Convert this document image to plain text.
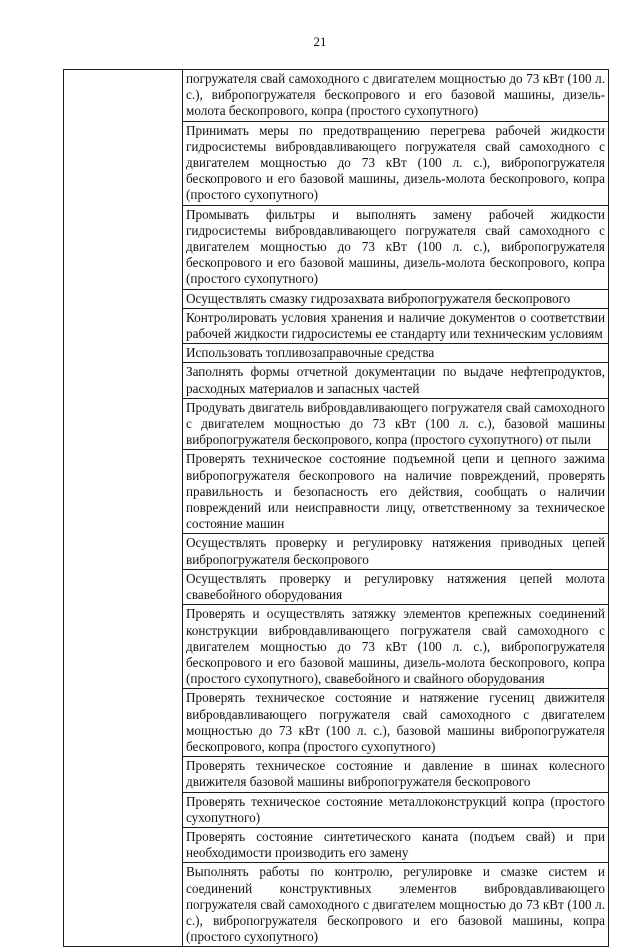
21

погружателя свай самоходного с двигателем мощностью до 73 кВт (100 л. с.), вибропогружателя бескопрового и его базовой машины, дизель-молота бескопрового, копра (простого сухопутного)

Принимать меры по предотвращению перегрева рабочей жидкости гидросистемы вибровдавливающего погружателя свай самоходного с двигателем мощностью до 73 кВт (100 л. с.), вибропогружателя бескопрового и его базовой машины, дизель-молота бескопрового, копра (простого сухопутного)

Промывать фильтры и выполнять замену рабочей жидкости гидросистемы вибровдавливающего погружателя свай самоходного с двигателем мощностью до 73 кВт (100 л. с.), вибропогружателя бескопрового и его базовой машины, дизель-молота бескопрового, копра (простого сухопутного)

Осуществлять смазку гидрозахвата вибропогружателя бескопрового

Контролировать условия хранения и наличие документов о соответствии рабочей жидкости гидросистемы ее стандарту или техническим условиям

Использовать топливозаправочные средства

Заполнять формы отчетной документации по выдаче нефтепродуктов, расходных материалов и запасных частей

Продувать двигатель вибровдавливающего погружателя свай самоходного с двигателем мощностью до 73 кВт (100 л. с.), базовой машины вибропогружателя бескопрового, копра (простого сухопутного) от пыли

Проверять техническое состояние подъемной цепи и цепного зажима вибропогружателя бескопрового на наличие повреждений, проверять правильность и безопасность его действия, сообщать о наличии повреждений или неисправности лицу, ответственному за техническое состояние машин

Осуществлять проверку и регулировку натяжения приводных цепей вибропогружателя бескопрового

Осуществлять проверку и регулировку натяжения цепей молота свавебойного оборудования

Проверять и осуществлять затяжку элементов крепежных соединений конструкции вибровдавливающего погружателя свай самоходного с двигателем мощностью до 73 кВт (100 л. с.), вибропогружателя бескопрового и его базовой машины, дизель-молота бескопрового, копра (простого сухопутного), свавебойного и свайного оборудования

Проверять техническое состояние и натяжение гусениц движителя вибровдавливающего погружателя свай самоходного с двигателем мощностью до 73 кВт (100 л. с.), базовой машины вибропогружателя бескопрового, копра (простого сухопутного)

Проверять техническое состояние и давление в шинах колесного движителя базовой машины вибропогружателя бескопрового

Проверять техническое состояние металлоконструкций копра (простого сухопутного)

Проверять состояние синтетического каната (подъем свай) и при необходимости производить его замену

Выполнять работы по контролю, регулировке и смазке систем и соединений конструктивных элементов вибровдавливающего погружателя свай самоходного с двигателем мощностью до 73 кВт (100 л. с.), вибропогружателя бескопрового и его базовой машины, копра (простого сухопутного)
